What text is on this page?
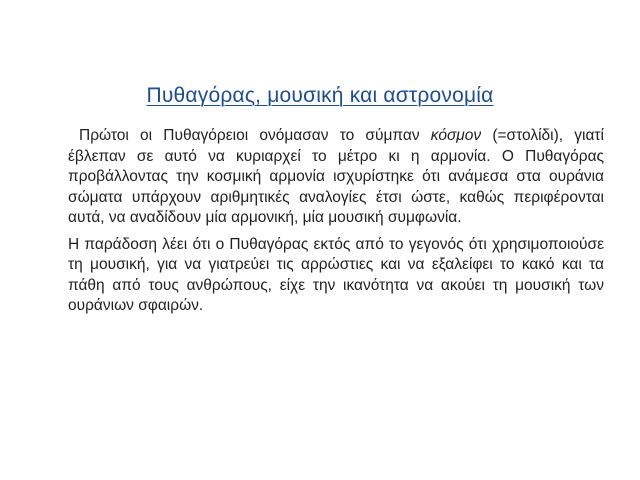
Πυθαγόρας, μουσική και αστρονομία

Πρώτοι οι Πυθαγόρειοι ονόμασαν το σύμπαν κόσμον (=στολίδι), γιατί έβλεπαν σε αυτό να κυριαρχεί το μέτρο κι η αρμονία. Ο Πυθαγόρας προβάλλοντας την κοσμική αρμονία ισχυρίστηκε ότι ανάμεσα στα ουράνια σώματα υπάρχουν αριθμητικές αναλογίες έτσι ώστε, καθώς περιφέρονται αυτά, να αναδίδουν μία αρμονική, μία μουσική συμφωνία.

Η παράδοση λέει ότι ο Πυθαγόρας εκτός από το γεγονός ότι χρησιμοποιούσε τη μουσική, για να γιατρεύει τις αρρώστιες και να εξαλείφει το κακό και τα πάθη από τους ανθρώπους, είχε την ικανότητα να ακούει τη μουσική των ουράνιων σφαιρών.
